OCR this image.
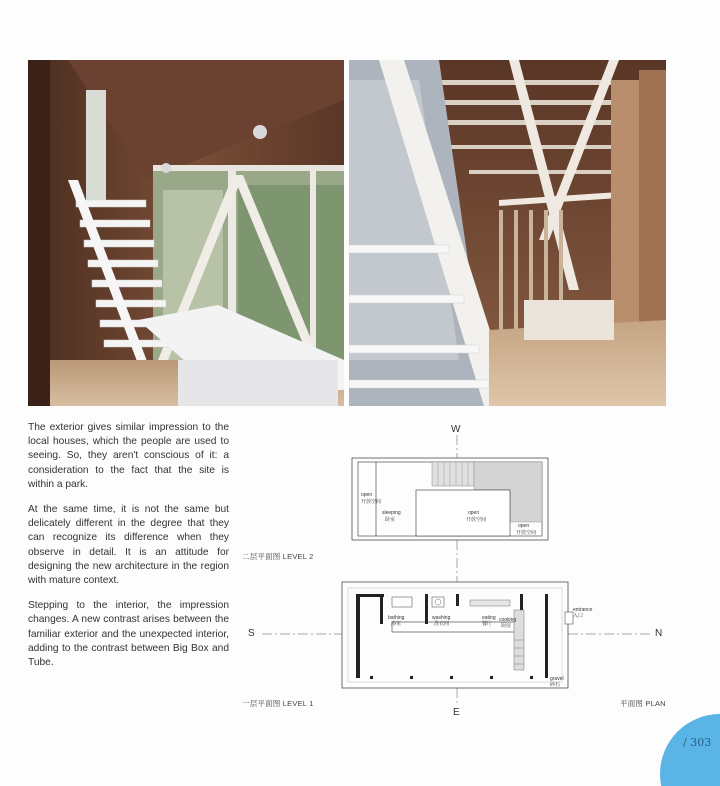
The exterior gives similar impression to the local houses, which the people are used to seeing. So, they aren't conscious of it: a consideration to the fact that the site is within a park.

At the same time, it is not the same but delicately different in the degree that they can recognize its difference when they observe in detail. It is an attitude for designing the new architecture in the region with mature context.

Stepping to the interior, the impression changes. A new contrast arises between the familiar exterior and the unexpected interior, adding to the contrast between Big Box and Tube.

open
开放空间
sleeping
卧室
open
开放空间
open
开放空间
bathing
浴室
washing
洗衣间
eating
餐厅
cooking
厨房
entrance
入口
gravel
碎石
W
S	N
E
二层平面图 LEVEL 2
一层平面图 LEVEL 1	平面图 PLAN
/ 303
